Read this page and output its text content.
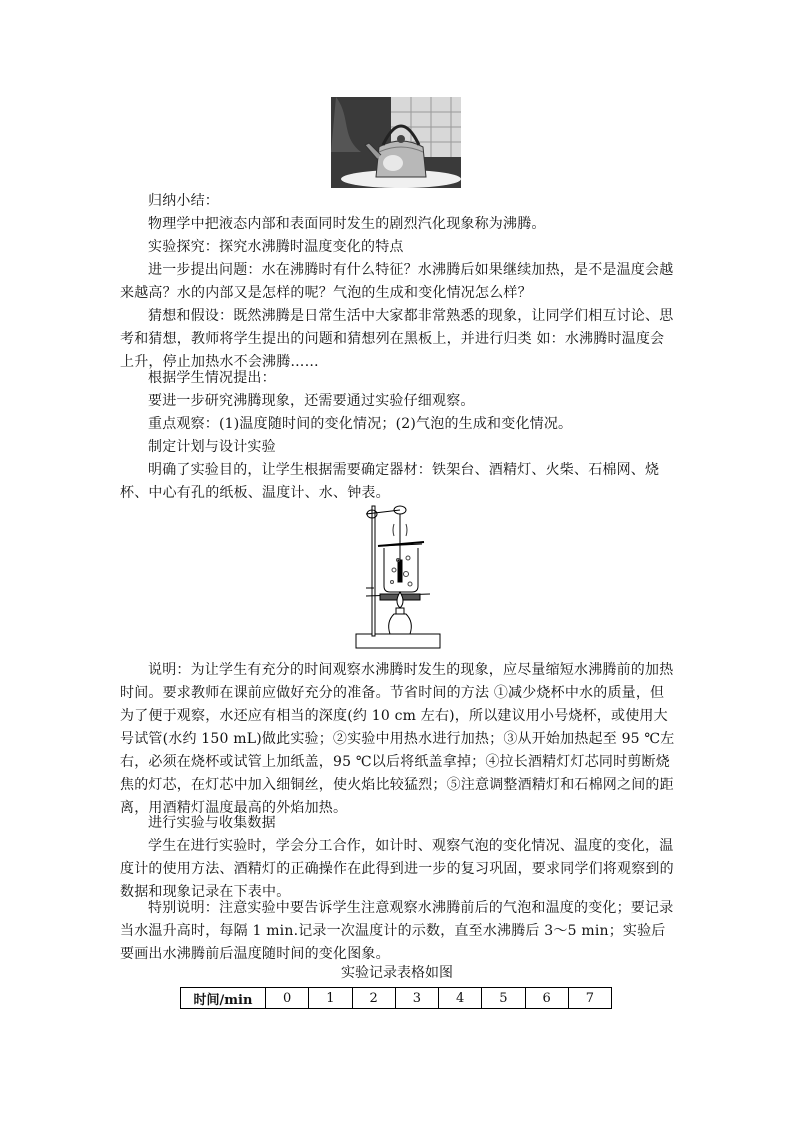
归纳小结：

物理学中把液态内部和表面同时发生的剧烈汽化现象称为沸腾。

实验探究：探究水沸腾时温度变化的特点

进一步提出问题：水在沸腾时有什么特征？水沸腾后如果继续加热，是不是温度会越来越高？水的内部又是怎样的呢？气泡的生成和变化情况怎么样？

猜想和假设：既然沸腾是日常生活中大家都非常熟悉的现象，让同学们相互讨论、思考和猜想，教师将学生提出的问题和猜想列在黑板上，并进行归类 如：水沸腾时温度会上升，停止加热水不会沸腾……

根据学生情况提出：

要进一步研究沸腾现象，还需要通过实验仔细观察。

重点观察：(1)温度随时间的变化情况；(2)气泡的生成和变化情况。

制定计划与设计实验

明确了实验目的，让学生根据需要确定器材：铁架台、酒精灯、火柴、石棉网、烧杯、中心有孔的纸板、温度计、水、钟表。

说明：为让学生有充分的时间观察水沸腾时发生的现象，应尽量缩短水沸腾前的加热时间。要求教师在课前应做好充分的准备。节省时间的方法 ①减少烧杯中水的质量，但为了便于观察，水还应有相当的深度(约 10 cm 左右)，所以建议用小号烧杯，或使用大号试管(水约 150 mL)做此实验；②实验中用热水进行加热；③从开始加热起至 95 ℃左右，必须在烧杯或试管上加纸盖，95 ℃以后将纸盖拿掉；④拉长酒精灯灯芯同时剪断烧焦的灯芯，在灯芯中加入细铜丝，使火焰比较猛烈；⑤注意调整酒精灯和石棉网之间的距离，用酒精灯温度最高的外焰加热。

进行实验与收集数据

学生在进行实验时，学会分工合作，如计时、观察气泡的变化情况、温度的变化，温度计的使用方法、酒精灯的正确操作在此得到进一步的复习巩固，要求同学们将观察到的数据和现象记录在下表中。

特别说明：注意实验中要告诉学生注意观察水沸腾前后的气泡和温度的变化；要记录当水温升高时，每隔 1 min.记录一次温度计的示数，直至水沸腾后 3～5 min；实验后要画出水沸腾前后温度随时间的变化图象。

实验记录表格如图
时间/min	0	1	2	3	4	5	6	7
